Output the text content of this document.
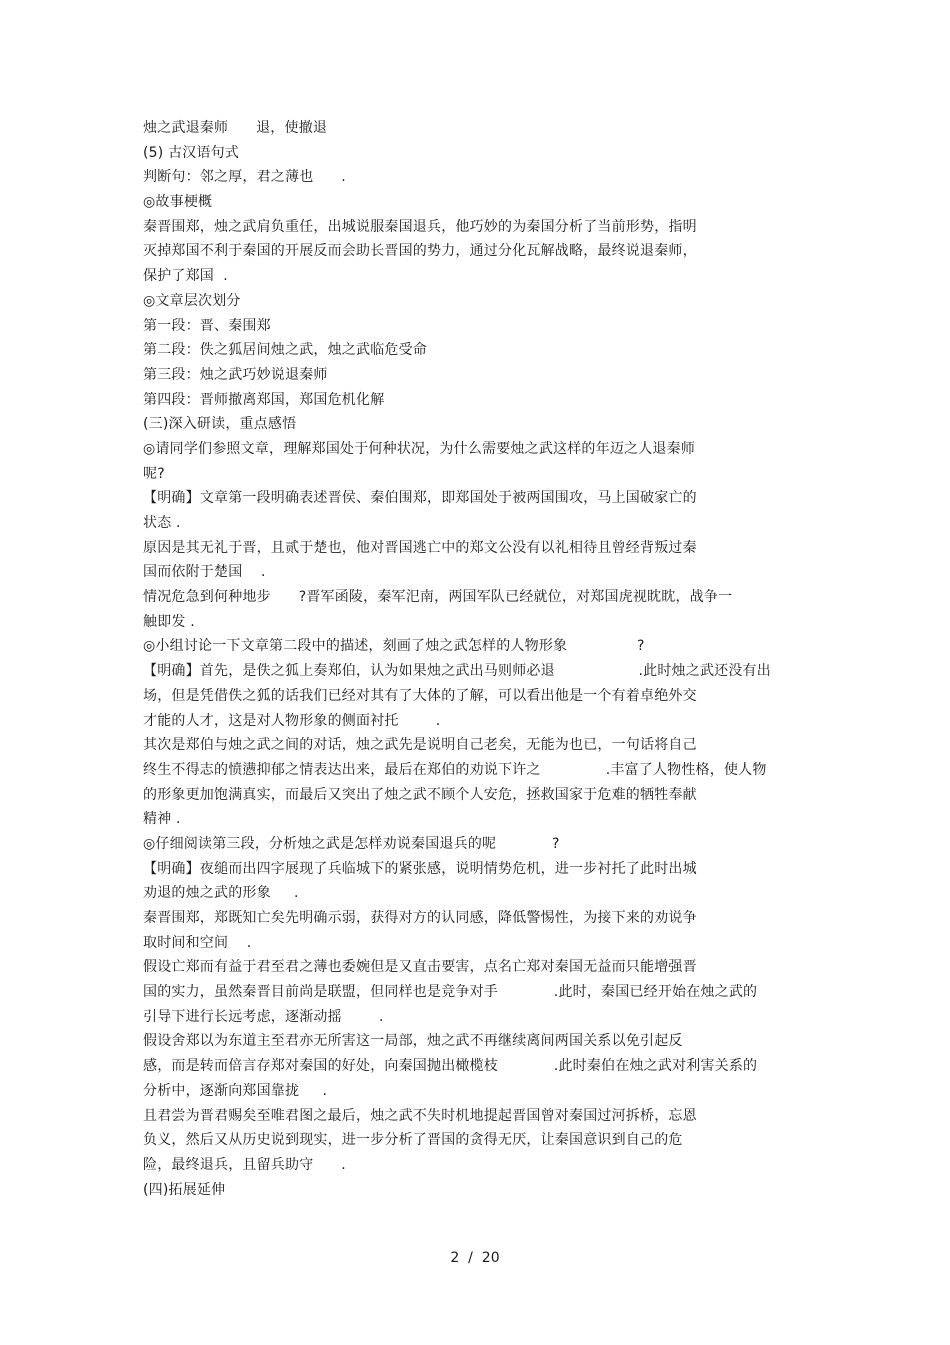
烛之武退秦师      退，使撤退
(5) 古汉语句式
判断句：邻之厚，君之薄也      .
◎故事梗概
秦晋围郑，烛之武肩负重任，出城说服秦国退兵，他巧妙的为秦国分析了当前形势，指明
灭掉郑国不利于秦国的开展反而会助长晋国的势力，通过分化瓦解战略，最终说退秦师，
保护了郑国  .
◎文章层次划分
第一段：晋、秦围郑
第二段：佚之狐居间烛之武，烛之武临危受命
第三段：烛之武巧妙说退秦师
第四段：晋师撤离郑国，郑国危机化解
(三)深入研读，重点感悟
◎请同学们参照文章，理解郑国处于何种状况，为什么需要烛之武这样的年迈之人退秦师
呢?
【明确】文章第一段明确表述晋侯、秦伯围郑，即郑国处于被两国围攻，马上国破家亡的
状态 .
原因是其无礼于晋，且贰于楚也，他对晋国逃亡中的郑文公没有以礼相待且曾经背叛过秦
国而依附于楚国    .
情况危急到何种地步      ?晋军函陵，秦军汜南，两国军队已经就位，对郑国虎视眈眈，战争一
触即发 .
◎小组讨论一下文章第二段中的描述，刻画了烛之武怎样的人物形象               ?
【明确】首先，是佚之狐上奏郑伯，认为如果烛之武出马则师必退                  .此时烛之武还没有出
场，但是凭借佚之狐的话我们已经对其有了大体的了解，可以看出他是一个有着卓绝外交
才能的人才，这是对人物形象的侧面衬托        .
其次是郑伯与烛之武之间的对话，烛之武先是说明自己老矣，无能为也已，一句话将自己
终生不得志的愤懑抑郁之情表达出来，最后在郑伯的劝说下许之              .丰富了人物性格，使人物
的形象更加饱满真实，而最后又突出了烛之武不顾个人安危，拯救国家于危难的牺牲奉献
精神 .
◎仔细阅读第三段，分析烛之武是怎样劝说秦国退兵的呢            ?
【明确】夜缒而出四字展现了兵临城下的紧张感，说明情势危机，进一步衬托了此时出城
劝退的烛之武的形象     .
秦晋围郑，郑既知亡矣先明确示弱，获得对方的认同感，降低警惕性，为接下来的劝说争
取时间和空间    .
假设亡郑而有益于君至君之薄也委婉但是又直击要害，点名亡郑对秦国无益而只能增强晋
国的实力，虽然秦晋目前尚是联盟，但同样也是竞争对手            .此时，秦国已经开始在烛之武的
引导下进行长远考虑，逐渐动摇        .
假设舍郑以为东道主至君亦无所害这一局部，烛之武不再继续离间两国关系以免引起反
感，而是转而倍言存郑对秦国的好处，向秦国抛出橄榄枝            .此时秦伯在烛之武对利害关系的
分析中，逐渐向郑国靠拢     .
且君尝为晋君赐矣至唯君图之最后，烛之武不失时机地提起晋国曾对秦国过河拆桥，忘恩
负义，然后又从历史说到现实，进一步分析了晋国的贪得无厌，让秦国意识到自己的危
险，最终退兵，且留兵助守      .
(四)拓展延伸
2  /  20
